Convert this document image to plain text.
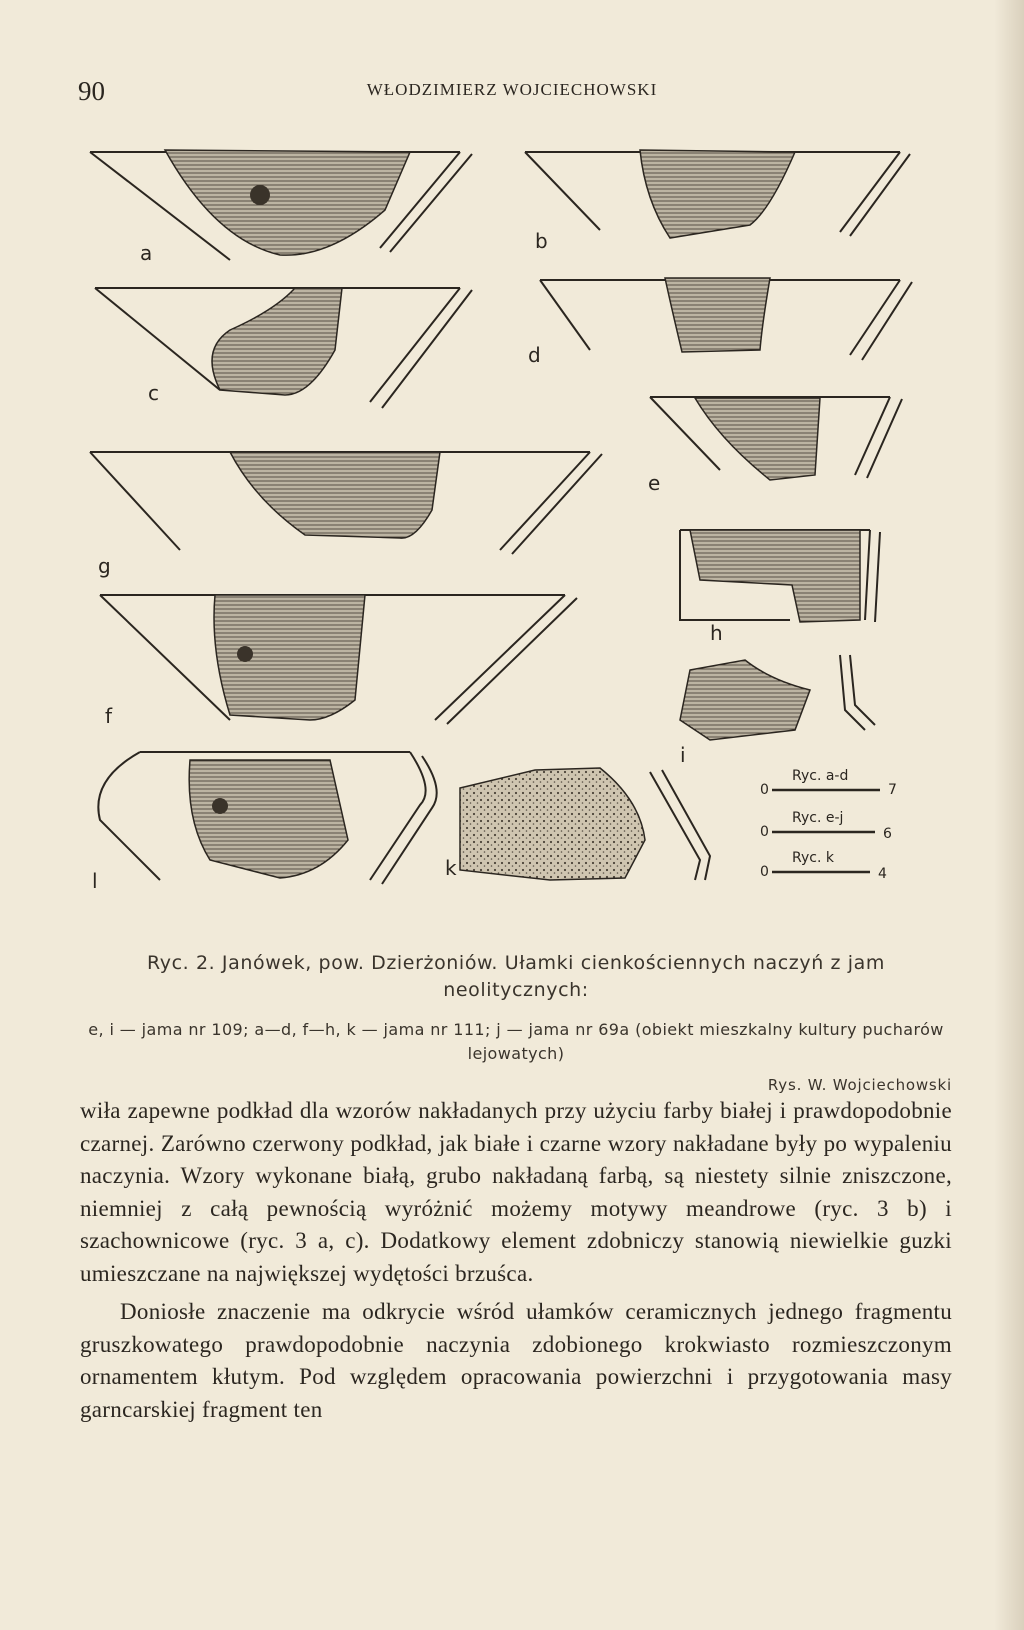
90	WŁODZIMIERZ WOJCIECHOWSKI
a	b
c
d
e
g
h
f
i
l
k
0
Ryc. a-d
7
0
Ryc. e-j
6
0
Ryc. k
4
Ryc. 2. Janówek, pow. Dzierżoniów. Ułamki cienkościennych naczyń z jam neolitycznych:
e, i — jama nr 109; a—d, f—h, k — jama nr 111; j — jama nr 69a (obiekt mieszkalny kultury pucharów lejowatych)
Rys. W. Wojciechowski

wiła zapewne podkład dla wzorów nakładanych przy użyciu farby białej i prawdopodobnie czarnej. Zarówno czerwony podkład, jak białe i czarne wzory nakładane były po wypaleniu naczynia. Wzory wykonane białą, grubo nakładaną farbą, są niestety silnie zniszczone, niemniej z całą pewnością wyróżnić możemy motywy meandrowe (ryc. 3 b) i szachownicowe (ryc. 3 a, c). Dodatkowy element zdobniczy stanowią niewielkie guzki umieszczane na największej wydętości brzuśca.

Doniosłe znaczenie ma odkrycie wśród ułamków ceramicznych jednego fragmentu gruszkowatego prawdopodobnie naczynia zdobionego krokwiasto rozmieszczonym ornamentem kłutym. Pod względem opracowania powierzchni i przygotowania masy garncarskiej fragment ten
